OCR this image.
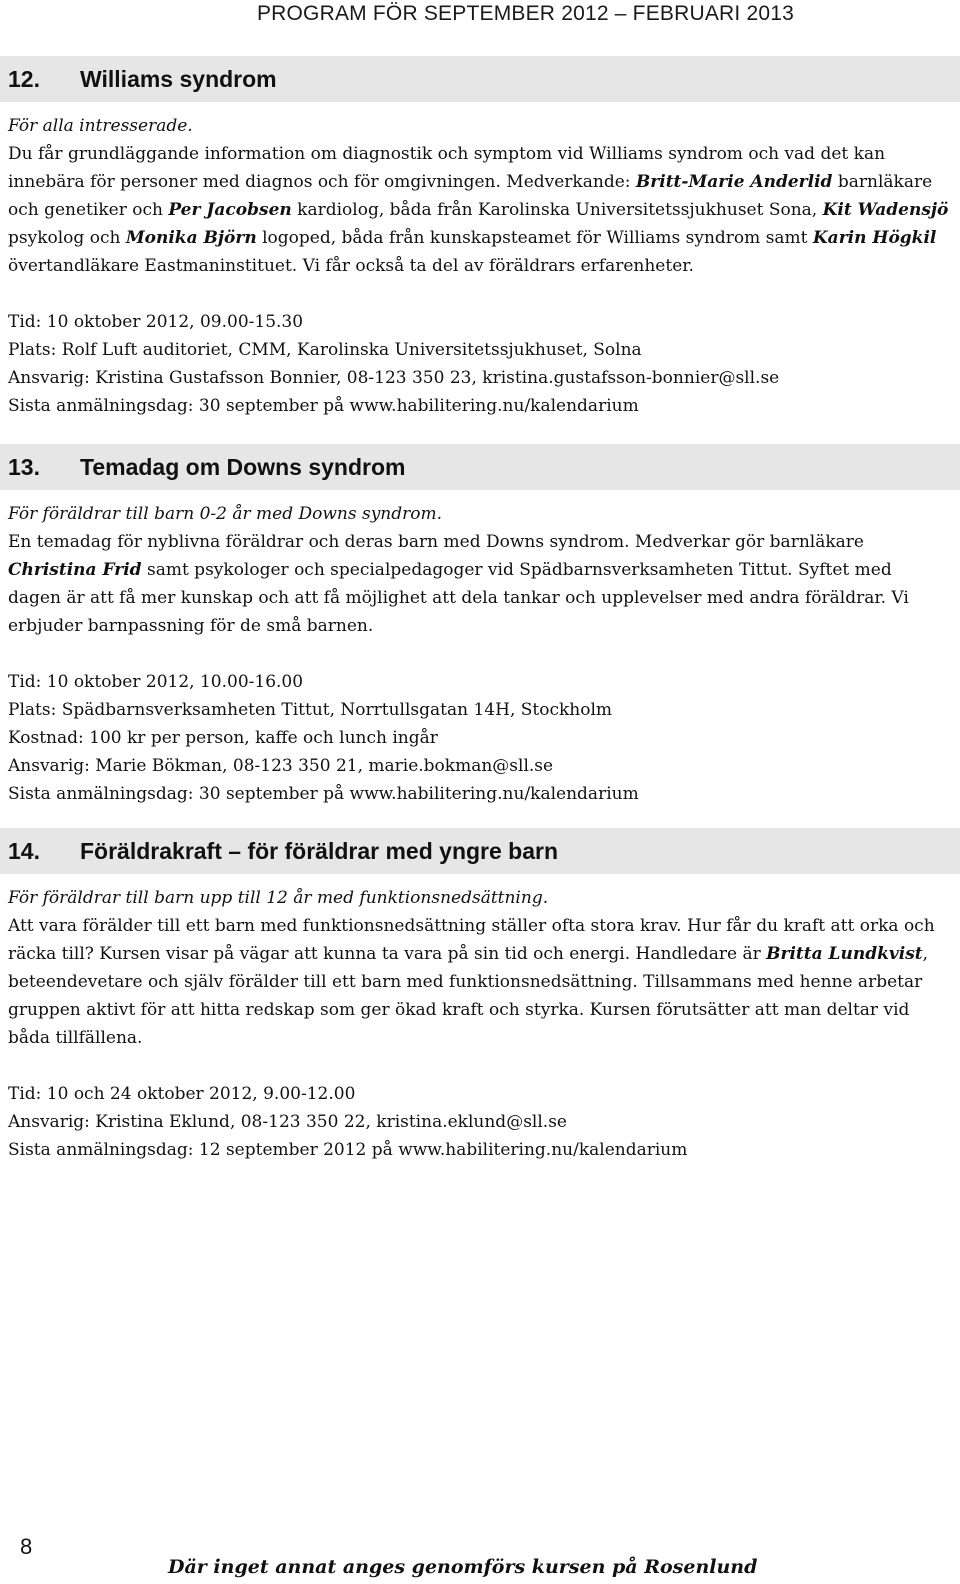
PROGRAM FÖR SEPTEMBER 2012 – FEBRUARI 2013
12.	Williams syndrom

För alla intresserade.

Du får grundläggande information om diagnostik och symptom vid Williams syndrom och vad det kan innebära för personer med diagnos och för omgivningen. Medverkande: Britt-Marie Anderlid barnläkare och genetiker och Per Jacobsen kardiolog, båda från Karolinska Universitetssjukhuset Sona, Kit Wadensjö psykolog och Monika Björn logoped, båda från kunskapsteamet för Williams syndrom samt Karin Högkil övertandläkare Eastmaninstituet. Vi får också ta del av föräldrars erfarenheter.

Tid: 10 oktober 2012, 09.00-15.30

Plats: Rolf Luft auditoriet, CMM, Karolinska Universitetssjukhuset, Solna

Ansvarig: Kristina Gustafsson Bonnier, 08-123 350 23, kristina.gustafsson-bonnier@sll.se

Sista anmälningsdag: 30 september på www.habilitering.nu/kalendarium

13.	Temadag om Downs syndrom

För föräldrar till barn 0-2 år med Downs syndrom.

En temadag för nyblivna föräldrar och deras barn med Downs syndrom. Medverkar gör barnläkare Christina Frid samt psykologer och specialpedagoger vid Spädbarnsverksamheten Tittut. Syftet med dagen är att få mer kunskap och att få möjlighet att dela tankar och upplevelser med andra föräldrar. Vi erbjuder barnpassning för de små barnen.

Tid: 10 oktober 2012, 10.00-16.00

Plats: Spädbarnsverksamheten Tittut, Norrtullsgatan 14H, Stockholm

Kostnad: 100 kr per person, kaffe och lunch ingår

Ansvarig: Marie Bökman, 08-123 350 21, marie.bokman@sll.se

Sista anmälningsdag: 30 september på www.habilitering.nu/kalendarium

14.	Föräldrakraft – för föräldrar med yngre barn

För föräldrar till barn upp till 12 år med funktionsnedsättning.

Att vara förälder till ett barn med funktionsnedsättning ställer ofta stora krav. Hur får du kraft att orka och räcka till? Kursen visar på vägar att kunna ta vara på sin tid och energi. Handledare är Britta Lundkvist, beteendevetare och själv förälder till ett barn med funktionsnedsättning. Tillsammans med henne arbetar gruppen aktivt för att hitta redskap som ger ökad kraft och styrka. Kursen förutsätter att man deltar vid båda tillfällena.

Tid: 10 och 24 oktober 2012, 9.00-12.00

Ansvarig: Kristina Eklund, 08-123 350 22, kristina.eklund@sll.se

Sista anmälningsdag: 12 september 2012 på www.habilitering.nu/kalendarium

8
Där inget annat anges genomförs kursen på Rosenlund
